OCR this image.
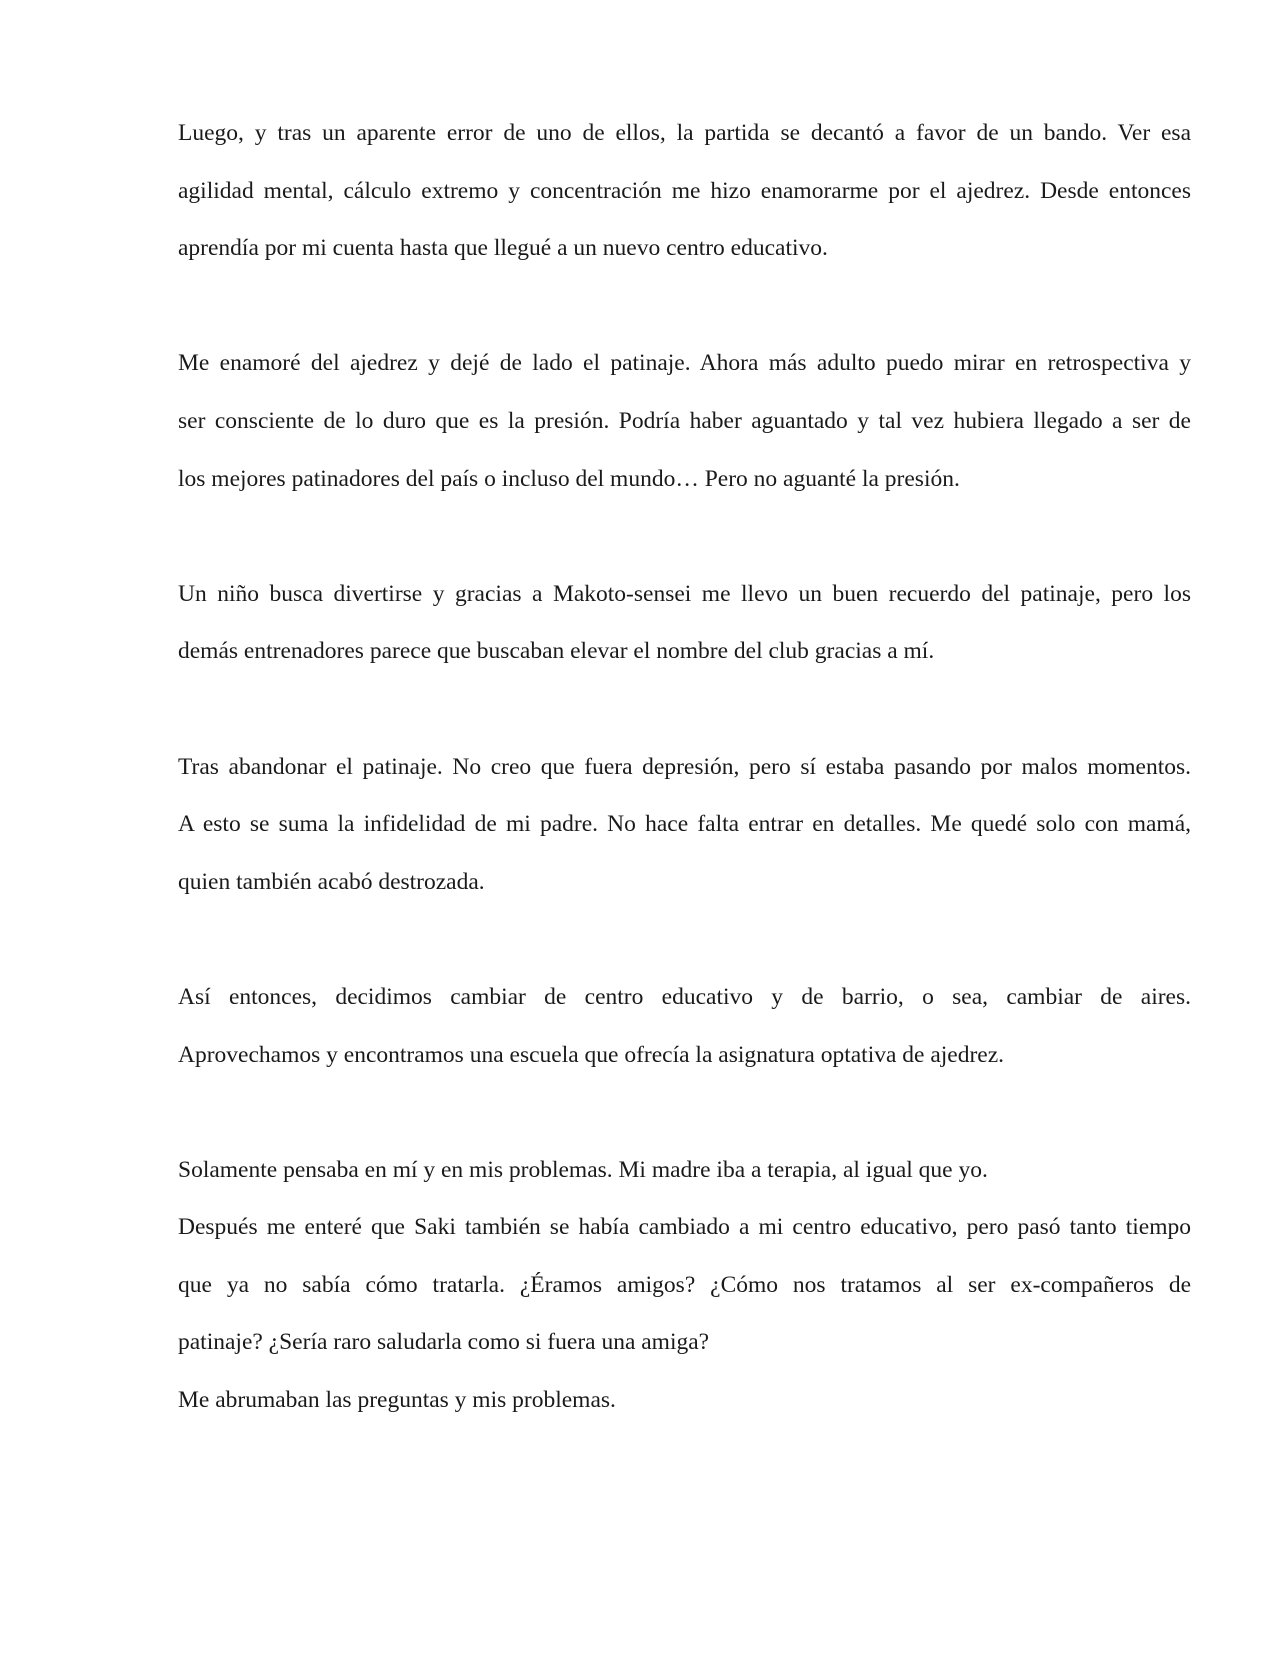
Luego, y tras un aparente error de uno de ellos, la partida se decantó a favor de un bando. Ver esa
agilidad mental, cálculo extremo y concentración me hizo enamorarme por el ajedrez. Desde entonces
aprendía por mi cuenta hasta que llegué a un nuevo centro educativo.
Me enamoré del ajedrez y dejé de lado el patinaje. Ahora más adulto puedo mirar en retrospectiva y
ser consciente de lo duro que es la presión. Podría haber aguantado y tal vez hubiera llegado a ser de
los mejores patinadores del país o incluso del mundo… Pero no aguanté la presión.
Un niño busca divertirse y gracias a Makoto-sensei me llevo un buen recuerdo del patinaje, pero los
demás entrenadores parece que buscaban elevar el nombre del club gracias a mí.
Tras abandonar el patinaje. No creo que fuera depresión, pero sí estaba pasando por malos momentos.
A esto se suma la infidelidad de mi padre. No hace falta entrar en detalles. Me quedé solo con mamá,
quien también acabó destrozada.
Así entonces, decidimos cambiar de centro educativo y de barrio, o sea, cambiar de aires.
Aprovechamos y encontramos una escuela que ofrecía la asignatura optativa de ajedrez.
Solamente pensaba en mí y en mis problemas. Mi madre iba a terapia, al igual que yo.
Después me enteré que Saki también se había cambiado a mi centro educativo, pero pasó tanto tiempo
que ya no sabía cómo tratarla. ¿Éramos amigos? ¿Cómo nos tratamos al ser ex-compañeros de
patinaje? ¿Sería raro saludarla como si fuera una amiga?
Me abrumaban las preguntas y mis problemas.
